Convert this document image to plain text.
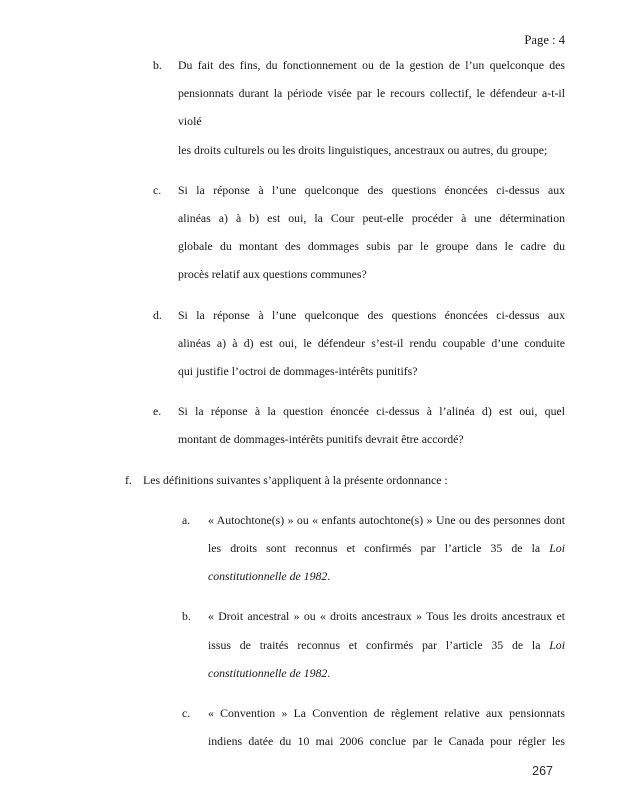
Page : 4
b. Du fait des fins, du fonctionnement ou de la gestion de l’un quelconque des
pensionnats durant la période visée par le recours collectif, le défendeur a-t-il violé
les droits culturels ou les droits linguistiques, ancestraux ou autres, du groupe;
c. Si la réponse à l’une quelconque des questions énoncées ci-dessus aux
alinéas a) à b) est oui, la Cour peut-elle procéder à une détermination
globale du montant des dommages subis par le groupe dans le cadre du
procès relatif aux questions communes?
d. Si la réponse à l’une quelconque des questions énoncées ci-dessus aux
alinéas a) à d) est oui, le défendeur s’est-il rendu coupable d’une conduite
qui justifie l’octroi de dommages-intérêts punitifs?
e. Si la réponse à la question énoncée ci-dessus à l’alinéa d) est oui, quel
montant de dommages-intérêts punitifs devrait être accordé?
f. Les définitions suivantes s’appliquent à la présente ordonnance :
a. « Autochtone(s) » ou « enfants autochtone(s) » Une ou des personnes dont
les droits sont reconnus et confirmés par l’article 35 de la Loi
constitutionnelle de 1982.
b. « Droit ancestral » ou « droits ancestraux » Tous les droits ancestraux et
issus de traités reconnus et confirmés par l’article 35 de la Loi
constitutionnelle de 1982.
c. « Convention » La Convention de règlement relative aux pensionnats
indiens datée du 10 mai 2006 conclue par le Canada pour régler les
267
